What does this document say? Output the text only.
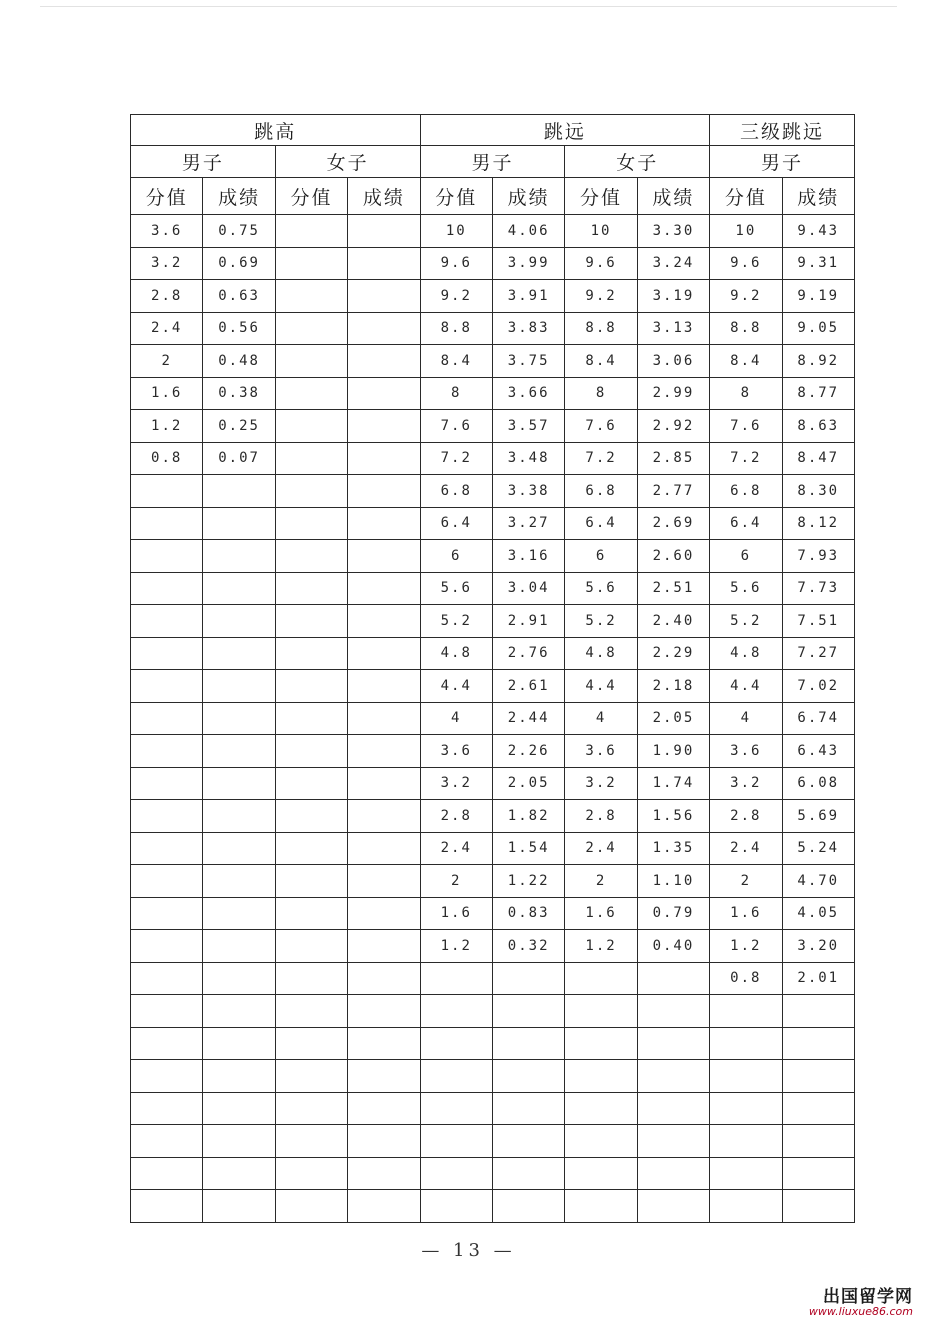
跳高				跳远				三级跳远	
男子		女子		男子		女子		男子	
分值	成绩	分值	成绩	分值	成绩	分值	成绩	分值	成绩
3.6	0.75			10	4.06	10	3.30	10	9.43
3.2	0.69			9.6	3.99	9.6	3.24	9.6	9.31
2.8	0.63			9.2	3.91	9.2	3.19	9.2	9.19
2.4	0.56			8.8	3.83	8.8	3.13	8.8	9.05
2	0.48			8.4	3.75	8.4	3.06	8.4	8.92
1.6	0.38			8	3.66	8	2.99	8	8.77
1.2	0.25			7.6	3.57	7.6	2.92	7.6	8.63
0.8	0.07			7.2	3.48	7.2	2.85	7.2	8.47
				6.8	3.38	6.8	2.77	6.8	8.30
				6.4	3.27	6.4	2.69	6.4	8.12
				6	3.16	6	2.60	6	7.93
				5.6	3.04	5.6	2.51	5.6	7.73
				5.2	2.91	5.2	2.40	5.2	7.51
				4.8	2.76	4.8	2.29	4.8	7.27
				4.4	2.61	4.4	2.18	4.4	7.02
				4	2.44	4	2.05	4	6.74
				3.6	2.26	3.6	1.90	3.6	6.43
				3.2	2.05	3.2	1.74	3.2	6.08
				2.8	1.82	2.8	1.56	2.8	5.69
				2.4	1.54	2.4	1.35	2.4	5.24
				2	1.22	2	1.10	2	4.70
				1.6	0.83	1.6	0.79	1.6	4.05
				1.2	0.32	1.2	0.40	1.2	3.20
								0.8	2.01

— 13 —
出国留学网
www.liuxue86.com
